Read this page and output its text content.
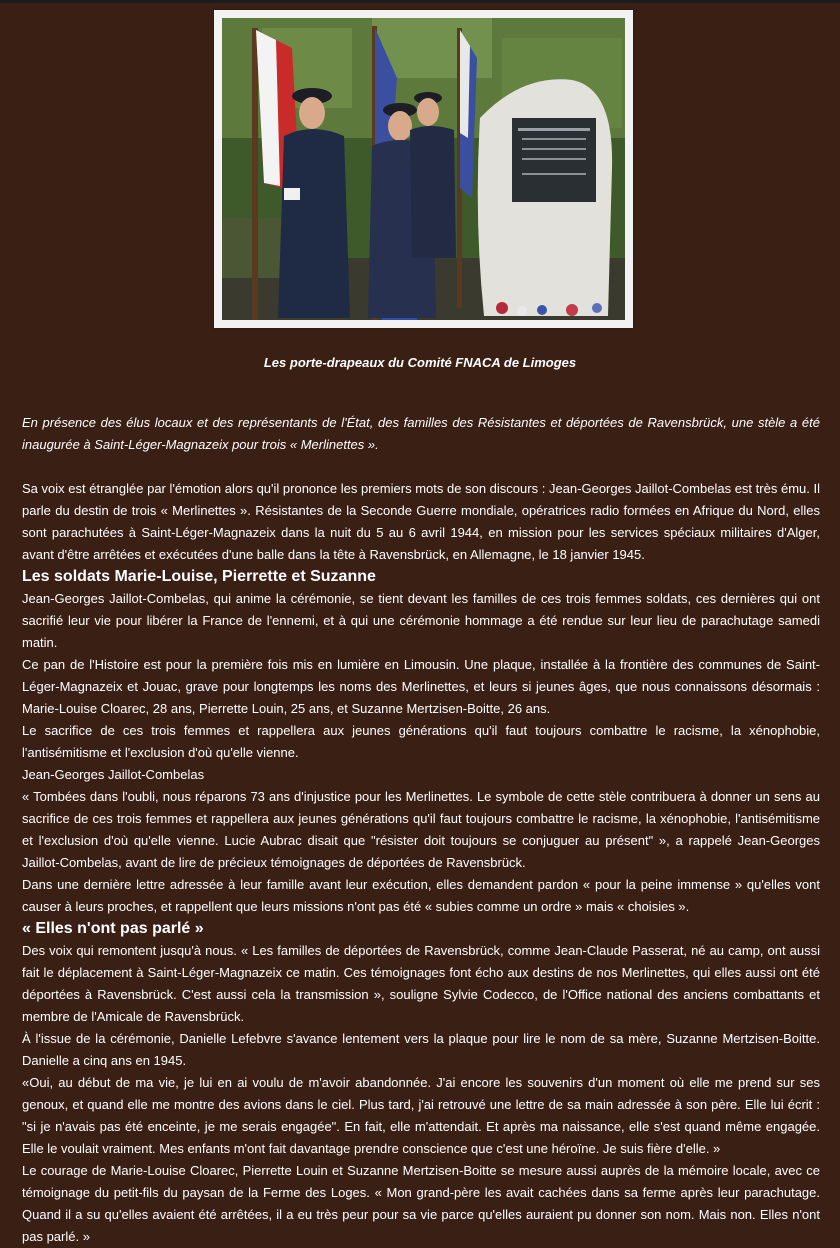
Les porte-drapeaux du Comité FNACA de Limoges

En présence des élus locaux et des représentants de l'État, des familles des Résistantes et déportées de Ravensbrück, une stèle a été inaugurée à Saint-Léger-Magnazeix pour trois « Merlinettes ».

Sa voix est étranglée par l'émotion alors qu'il prononce les premiers mots de son discours : Jean-Georges Jaillot-Combelas est très ému. Il parle du destin de trois « Merlinettes ». Résistantes de la Seconde Guerre mondiale, opératrices radio formées en Afrique du Nord, elles sont parachutées à Saint-Léger-Magnazeix dans la nuit du 5 au 6 avril 1944, en mission pour les services spéciaux militaires d'Alger, avant d'être arrêtées et exécutées d'une balle dans la tête à Ravensbrück, en Allemagne, le 18 janvier 1945.

Les soldats Marie-Louise, Pierrette et Suzanne

Jean-Georges Jaillot-Combelas, qui anime la cérémonie, se tient devant les familles de ces trois femmes soldats, ces dernières qui ont sacrifié leur vie pour libérer la France de l'ennemi, et à qui une cérémonie hommage a été rendue sur leur lieu de parachutage samedi matin.

Ce pan de l'Histoire est pour la première fois mis en lumière en Limousin. Une plaque, installée à la frontière des communes de Saint-Léger-Magnazeix et Jouac, grave pour longtemps les noms des Merlinettes, et leurs si jeunes âges, que nous connaissons désormais : Marie-Louise Cloarec, 28 ans, Pierrette Louin, 25 ans, et Suzanne Mertzisen-Boitte, 26 ans.

Le sacrifice de ces trois femmes et rappellera aux jeunes générations qu'il faut toujours combattre le racisme, la xénophobie, l'antisémitisme et l'exclusion d'où qu'elle vienne.

Jean-Georges Jaillot-Combelas

« Tombées dans l'oubli, nous réparons 73 ans d'injustice pour les Merlinettes. Le symbole de cette stèle contribuera à donner un sens au sacrifice de ces trois femmes et rappellera aux jeunes générations qu'il faut toujours combattre le racisme, la xénophobie, l'antisémitisme et l'exclusion d'où qu'elle vienne. Lucie Aubrac disait que "résister doit toujours se conjuguer au présent" », a rappelé Jean-Georges Jaillot-Combelas, avant de lire de précieux témoignages de déportées de Ravensbrück.

Dans une dernière lettre adressée à leur famille avant leur exécution, elles demandent pardon « pour la peine immense » qu'elles vont causer à leurs proches, et rappellent que leurs missions n'ont pas été « subies comme un ordre » mais « choisies ».

« Elles n'ont pas parlé »

Des voix qui remontent jusqu'à nous. « Les familles de déportées de Ravensbrück, comme Jean-Claude Passerat, né au camp, ont aussi fait le déplacement à Saint-Léger-Magnazeix ce matin. Ces témoignages font écho aux destins de nos Merlinettes, qui elles aussi ont été déportées à Ravensbrück. C'est aussi cela la transmission », souligne Sylvie Codecco, de l'Office national des anciens combattants et membre de l'Amicale de Ravensbrück.

À l'issue de la cérémonie, Danielle Lefebvre s'avance lentement vers la plaque pour lire le nom de sa mère, Suzanne Mertzisen-Boitte. Danielle a cinq ans en 1945.

«Oui, au début de ma vie, je lui en ai voulu de m'avoir abandonnée. J'ai encore les souvenirs d'un moment où elle me prend sur ses genoux, et quand elle me montre des avions dans le ciel. Plus tard, j'ai retrouvé une lettre de sa main adressée à son père. Elle lui écrit : "si je n'avais pas été enceinte, je me serais engagée". En fait, elle m'attendait. Et après ma naissance, elle s'est quand même engagée. Elle le voulait vraiment. Mes enfants m'ont fait davantage prendre conscience que c'est une héroïne. Je suis fière d'elle. »

Le courage de Marie-Louise Cloarec, Pierrette Louin et Suzanne Mertzisen-Boitte se mesure aussi auprès de la mémoire locale, avec ce témoignage du petit-fils du paysan de la Ferme des Loges. « Mon grand-père les avait cachées dans sa ferme après leur parachutage. Quand il a su qu'elles avaient été arrêtées, il a eu très peur pour sa vie parce qu'elles auraient pu donner son nom. Mais non. Elles n'ont pas parlé. »
